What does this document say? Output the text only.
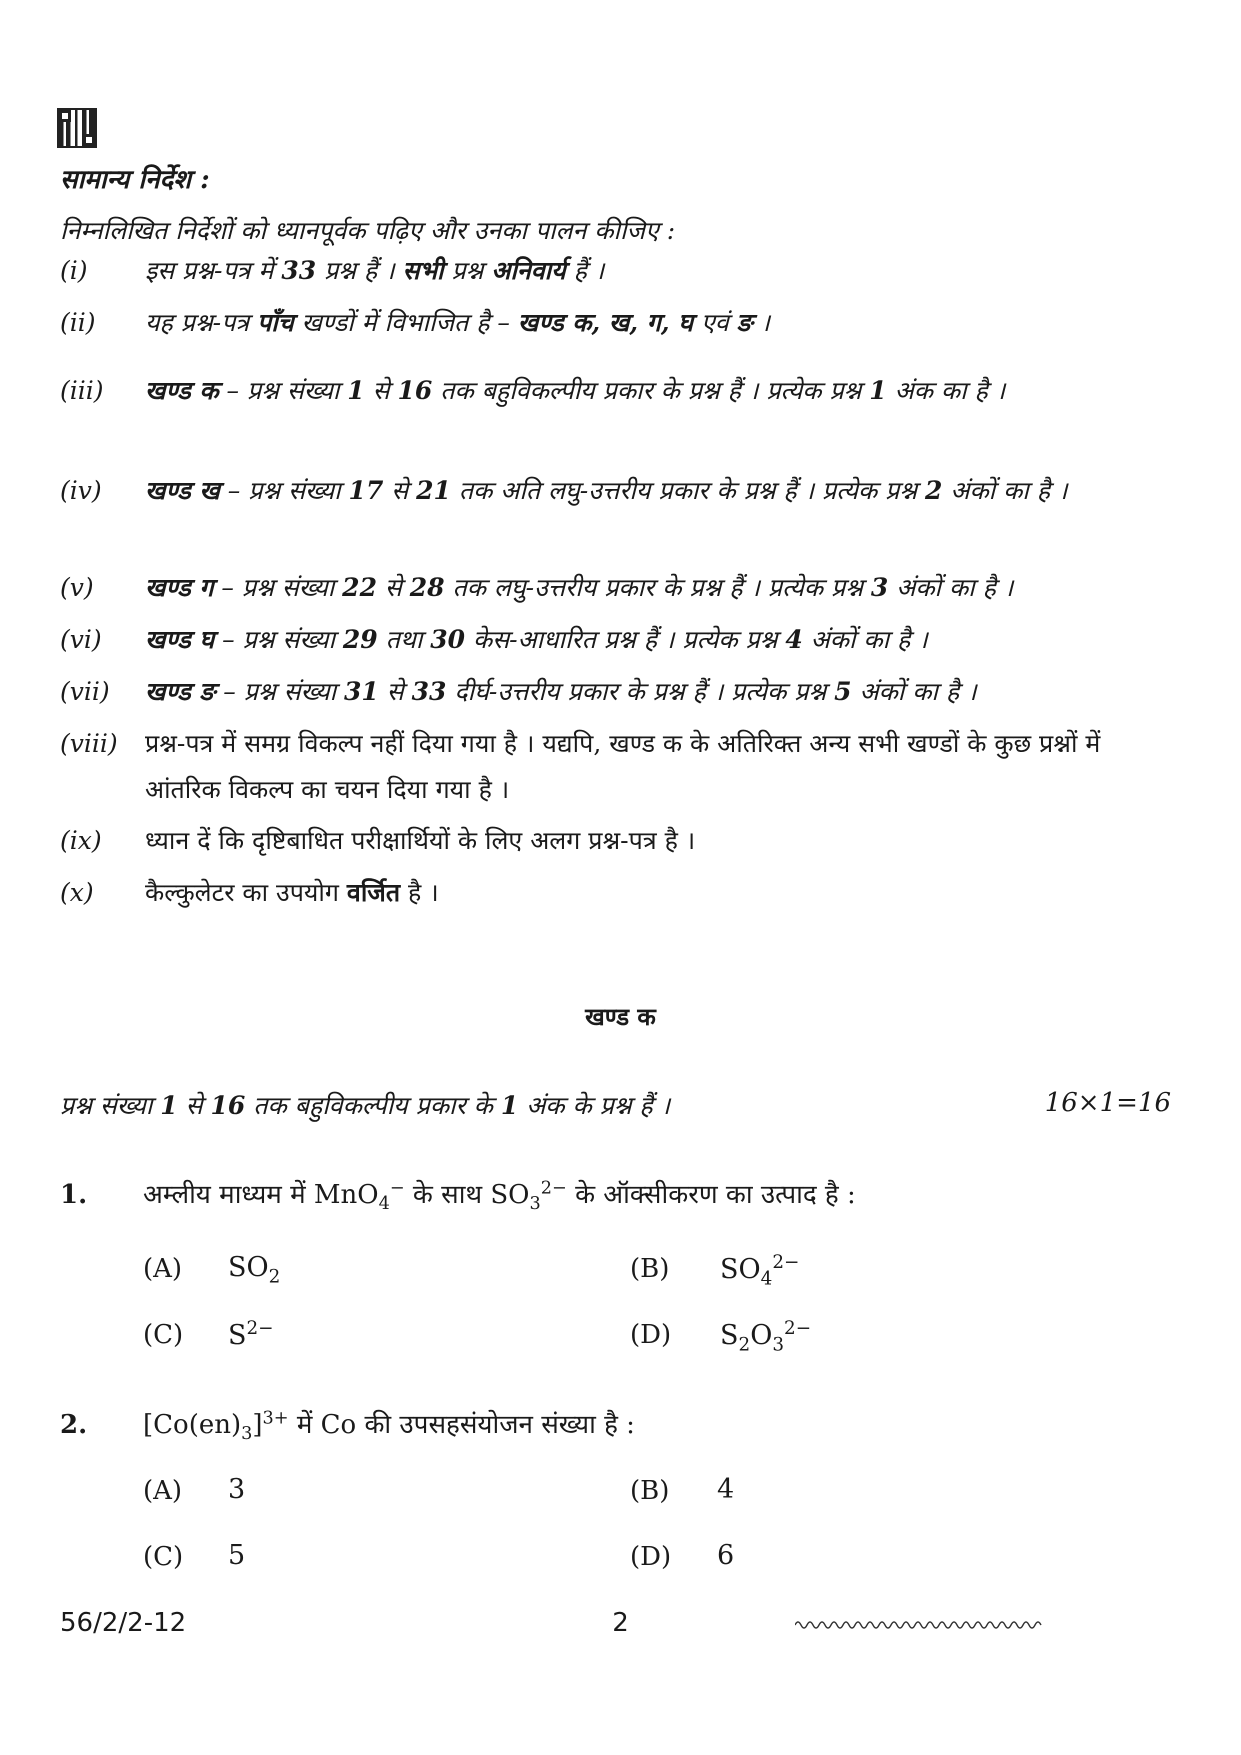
सामान्य निर्देश :
निम्नलिखित निर्देशों को ध्यानपूर्वक पढ़िए और उनका पालन कीजिए :
(i)	इस प्रश्न-पत्र में 33 प्रश्न हैं । सभी प्रश्न अनिवार्य हैं ।
(ii)	यह प्रश्न-पत्र पाँच खण्डों में विभाजित है – खण्ड क, ख, ग, घ एवं ङ ।
(iii)	खण्ड क – प्रश्न संख्या 1 से 16 तक बहुविकल्पीय प्रकार के प्रश्न हैं । प्रत्येक प्रश्न 1 अंक का है ।
(iv)	खण्ड ख – प्रश्न संख्या 17 से 21 तक अति लघु-उत्तरीय प्रकार के प्रश्न हैं । प्रत्येक प्रश्न 2 अंकों का है ।
(v)	खण्ड ग – प्रश्न संख्या 22 से 28 तक लघु-उत्तरीय प्रकार के प्रश्न हैं । प्रत्येक प्रश्न 3 अंकों का है ।
(vi)	खण्ड घ – प्रश्न संख्या 29 तथा 30 केस-आधारित प्रश्न हैं । प्रत्येक प्रश्न 4 अंकों का है ।
(vii)	खण्ड ङ – प्रश्न संख्या 31 से 33 दीर्घ-उत्तरीय प्रकार के प्रश्न हैं । प्रत्येक प्रश्न 5 अंकों का है ।
(viii)	प्रश्न-पत्र में समग्र विकल्प नहीं दिया गया है । यद्यपि, खण्ड क के अतिरिक्त अन्य सभी खण्डों के कुछ प्रश्नों में आंतरिक विकल्प का चयन दिया गया है ।
(ix)	ध्यान दें कि दृष्टिबाधित परीक्षार्थियों के लिए अलग प्रश्न-पत्र है ।
(x)	कैल्कुलेटर का उपयोग वर्जित है ।
खण्ड क
प्रश्न संख्या 1 से 16 तक बहुविकल्पीय प्रकार के 1 अंक के प्रश्न हैं ।	16×1=16
1. अम्लीय माध्यम में MnO$_4$− के साथ $SO_3^{2-}$ के ऑक्सीकरण का उत्पाद है :
(A) $SO_2$	(B) $SO_4^{2-}$
(C) $S^{2-}$	(D) $S_2O_3^{2-}$
2. $[Co(en)_3]^{3+}$ में Co की उपसहसंयोजन संख्या है :
(A) 3	(B) 4
(C) 5	(D) 6
56/2/2-12	2
